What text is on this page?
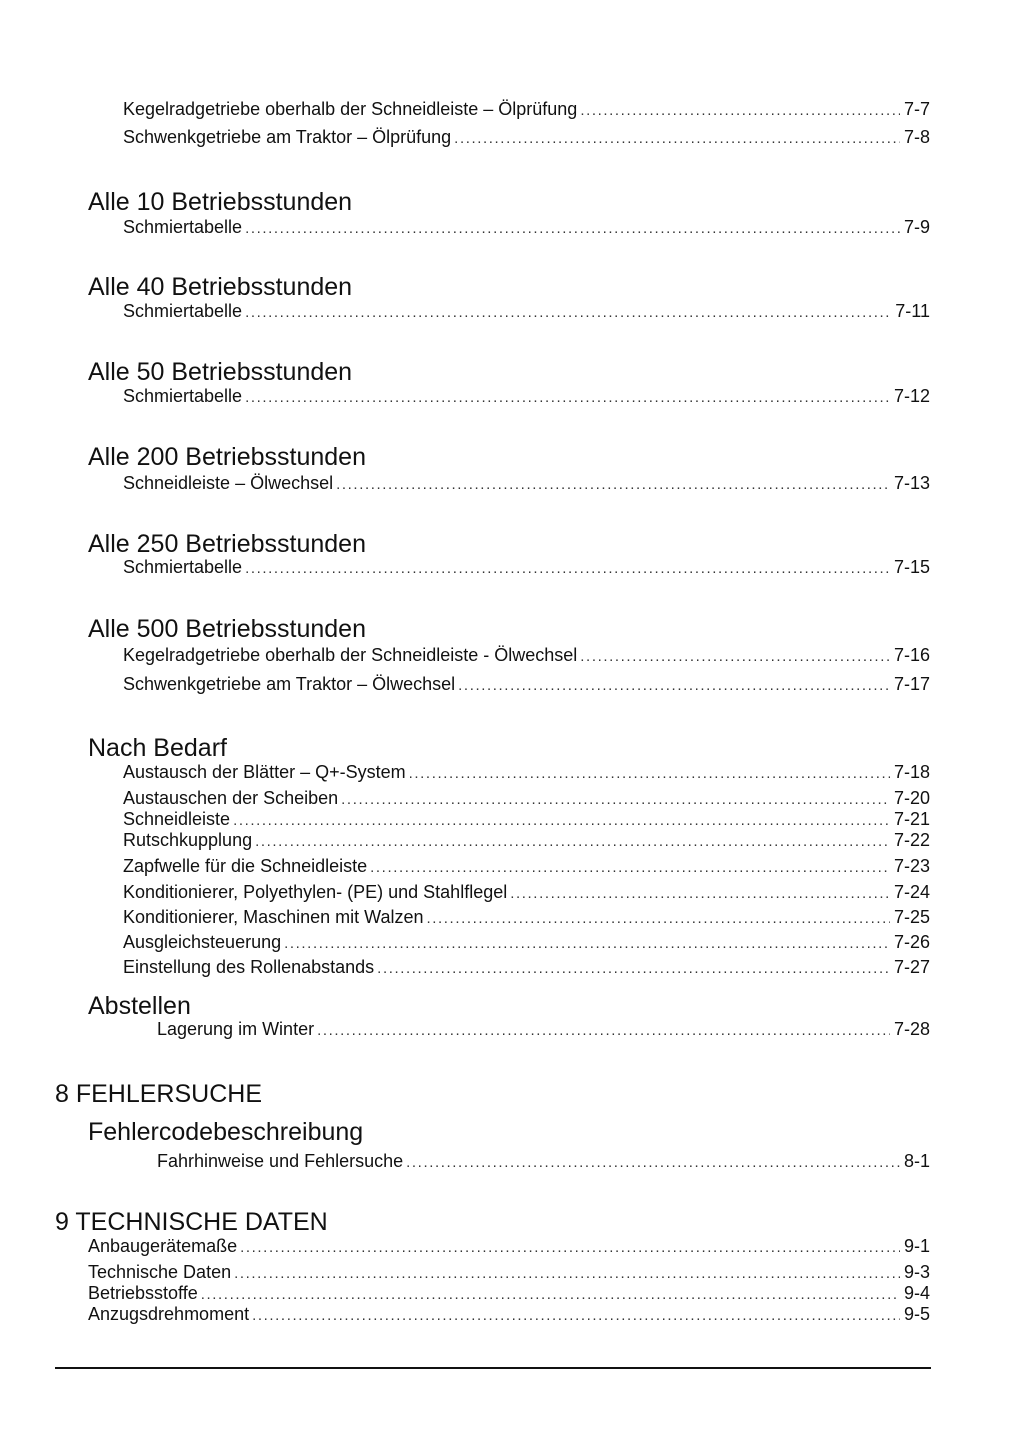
Kegelradgetriebe oberhalb der Schneidleiste – Ölprüfung .....	7-7
Schwenkgetriebe am Traktor – Ölprüfung .....	7-8
Alle 10 Betriebsstunden
Schmiertabelle .....	7-9
Alle 40 Betriebsstunden
Schmiertabelle .....	7-11
Alle 50 Betriebsstunden
Schmiertabelle .....	7-12
Alle 200 Betriebsstunden
Schneidleiste – Ölwechsel .....	7-13
Alle 250 Betriebsstunden
Schmiertabelle .....	7-15
Alle 500 Betriebsstunden
Kegelradgetriebe oberhalb der Schneidleiste - Ölwechsel .....	7-16
Schwenkgetriebe am Traktor – Ölwechsel .....	7-17
Nach Bedarf
Austausch der Blätter – Q+-System .....	7-18
Austauschen der Scheiben .....	7-20
Schneidleiste .....	7-21
Rutschkupplung .....	7-22
Zapfwelle für die Schneidleiste .....	7-23
Konditionierer, Polyethylen- (PE) und Stahlflegel .....	7-24
Konditionierer, Maschinen mit Walzen .....	7-25
Ausgleichsteuerung .....	7-26
Einstellung des Rollenabstands .....	7-27
Abstellen
Lagerung im Winter .....	7-28
8 FEHLERSUCHE
Fehlercodebeschreibung
Fahrhinweise und Fehlersuche .....	8-1
9 TECHNISCHE DATEN
Anbaugerätemaße .....	9-1
Technische Daten .....	9-3
Betriebsstoffe .....	9-4
Anzugsdrehmoment .....	9-5
